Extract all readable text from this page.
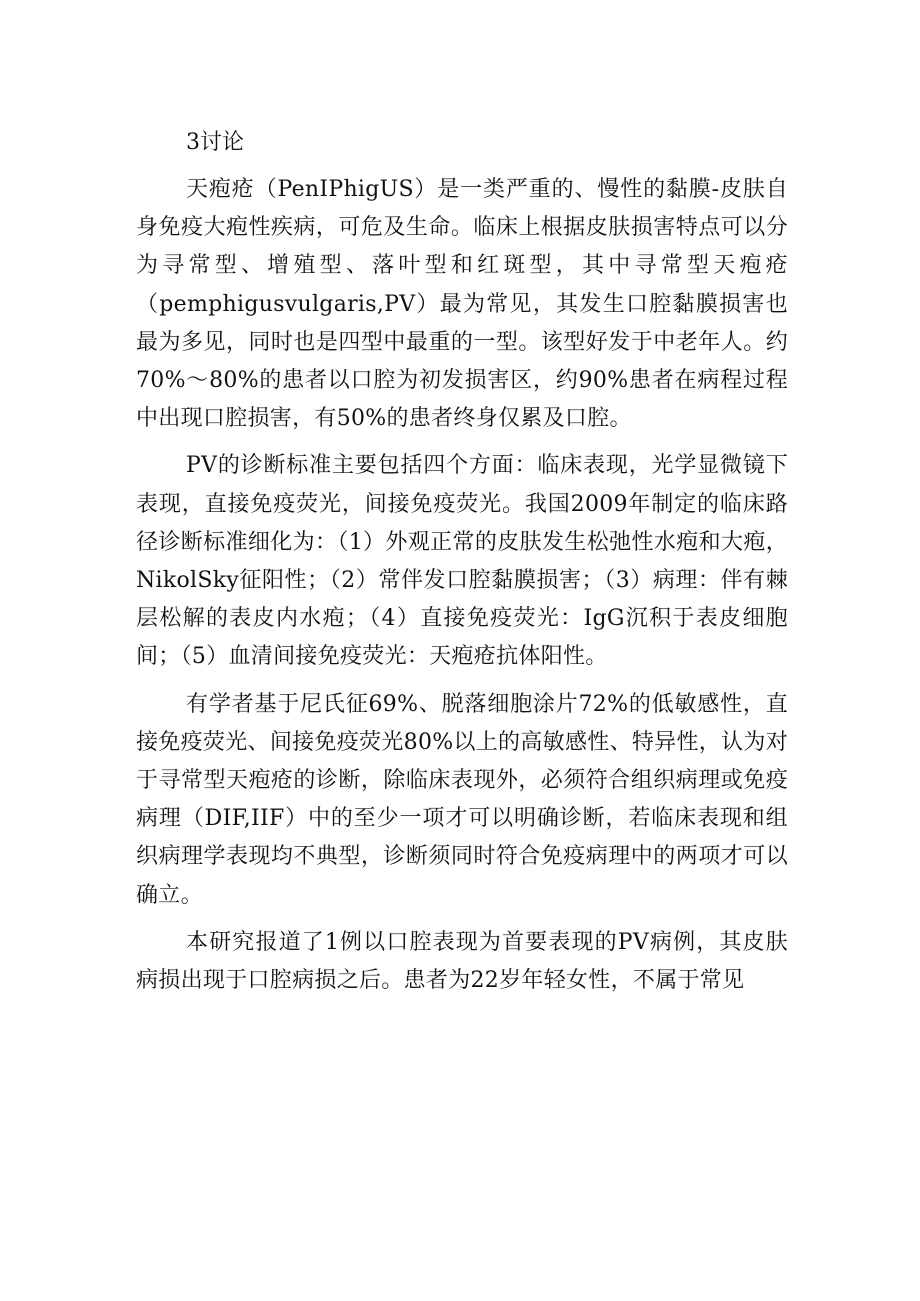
3讨论

天疱疮（PenIPhigUS）是一类严重的、慢性的黏膜-皮肤自身免疫大疱性疾病，可危及生命。临床上根据皮肤损害特点可以分为寻常型、增殖型、落叶型和红斑型，其中寻常型天疱疮（pemphigusvulgaris,PV）最为常见，其发生口腔黏膜损害也最为多见，同时也是四型中最重的一型。该型好发于中老年人。约70%～80%的患者以口腔为初发损害区，约90%患者在病程过程中出现口腔损害，有50%的患者终身仅累及口腔。

PV的诊断标准主要包括四个方面：临床表现，光学显微镜下表现，直接免疫荧光，间接免疫荧光。我国2009年制定的临床路径诊断标准细化为：（1）外观正常的皮肤发生松弛性水疱和大疱，NikolSky征阳性；（2）常伴发口腔黏膜损害；（3）病理：伴有棘层松解的表皮内水疱；（4）直接免疫荧光：IgG沉积于表皮细胞间；（5）血清间接免疫荧光：天疱疮抗体阳性。

有学者基于尼氏征69%、脱落细胞涂片72%的低敏感性，直接免疫荧光、间接免疫荧光80%以上的高敏感性、特异性，认为对于寻常型天疱疮的诊断，除临床表现外，必须符合组织病理或免疫病理（DIF,IIF）中的至少一项才可以明确诊断，若临床表现和组织病理学表现均不典型，诊断须同时符合免疫病理中的两项才可以确立。

本研究报道了1例以口腔表现为首要表现的PV病例，其皮肤病损出现于口腔病损之后。患者为22岁年轻女性，不属于常见
